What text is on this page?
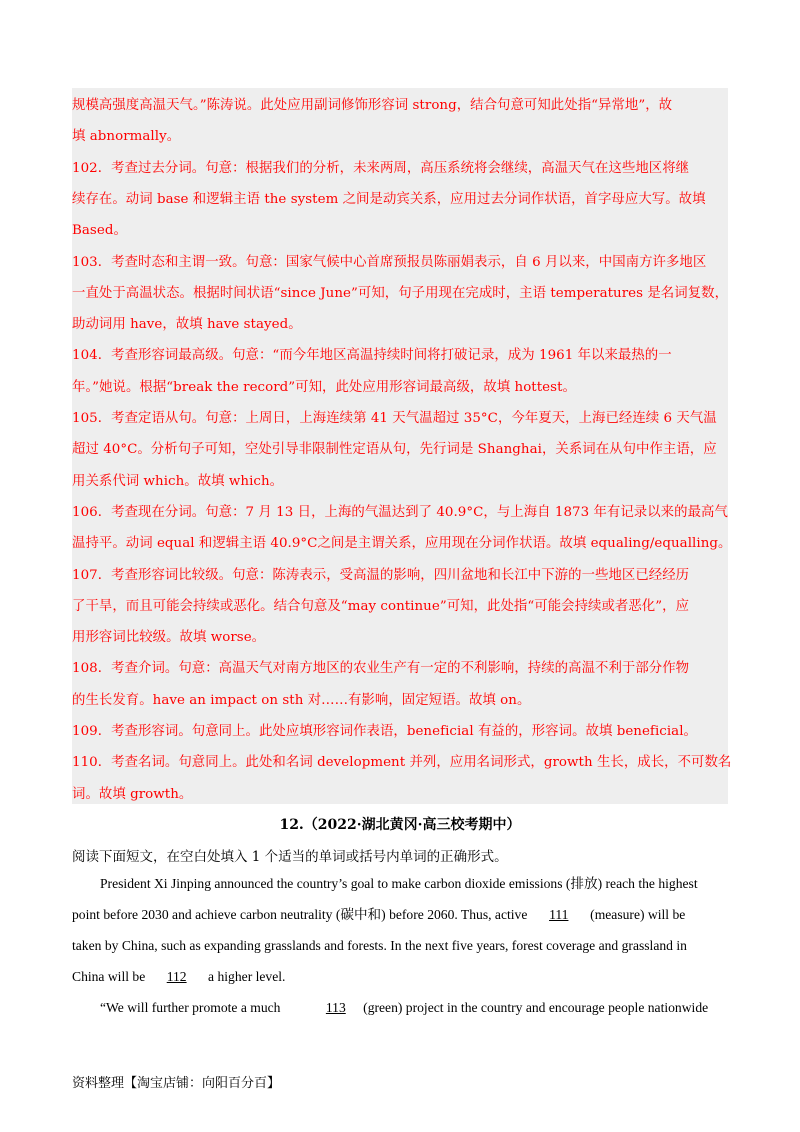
规模高强度高温天气。”陈涛说。此处应用副词修饰形容词 strong，结合句意可知此处指“异常地”，故
填 abnormally。
102．考查过去分词。句意：根据我们的分析，未来两周，高压系统将会继续，高温天气在这些地区将继
续存在。动词 base 和逻辑主语 the system 之间是动宾关系，应用过去分词作状语，首字母应大写。故填
Based。
103．考查时态和主谓一致。句意：国家气候中心首席预报员陈丽娟表示，自 6 月以来，中国南方许多地区
一直处于高温状态。根据时间状语“since June”可知，句子用现在完成时，主语 temperatures 是名词复数，
助动词用 have，故填 have stayed。
104．考查形容词最高级。句意：“而今年地区高温持续时间将打破记录，成为 1961 年以来最热的一
年。”她说。根据“break the record”可知，此处应用形容词最高级，故填 hottest。
105．考查定语从句。句意：上周日，上海连续第 41 天气温超过 35°C，今年夏天，上海已经连续 6 天气温
超过 40°C。分析句子可知，空处引导非限制性定语从句，先行词是 Shanghai，关系词在从句中作主语，应
用关系代词 which。故填 which。
106．考查现在分词。句意：7 月 13 日，上海的气温达到了 40.9°C，与上海自 1873 年有记录以来的最高气
温持平。动词 equal 和逻辑主语 40.9°C之间是主谓关系，应用现在分词作状语。故填 equaling/equalling。
107．考查形容词比较级。句意：陈涛表示，受高温的影响，四川盆地和长江中下游的一些地区已经经历
了干旱，而且可能会持续或恶化。结合句意及“may continue”可知，此处指“可能会持续或者恶化”，应
用形容词比较级。故填 worse。
108．考查介词。句意：高温天气对南方地区的农业生产有一定的不利影响，持续的高温不利于部分作物
的生长发育。have an impact on sth 对……有影响，固定短语。故填 on。
109．考查形容词。句意同上。此处应填形容词作表语，beneficial 有益的，形容词。故填 beneficial。
110．考查名词。句意同上。此处和名词 development 并列，应用名词形式，growth 生长，成长，不可数名
词。故填 growth。
12.（2022·湖北黄冈·高三校考期中）
阅读下面短文，在空白处填入 1 个适当的单词或括号内单词的正确形式。
President Xi Jinping announced the country’s goal to make carbon dioxide emissions (排放) reach the highest
point before 2030 and achieve carbon neutrality (碳中和) before 2060. Thus, active 111 (measure) will be
taken by China, such as expanding grasslands and forests. In the next five years, forest coverage and grassland in
China will be 112 a higher level.
“We will further promote a much	113 (green) project in the country and encourage people nationwide
资料整理【淘宝店铺：向阳百分百】
